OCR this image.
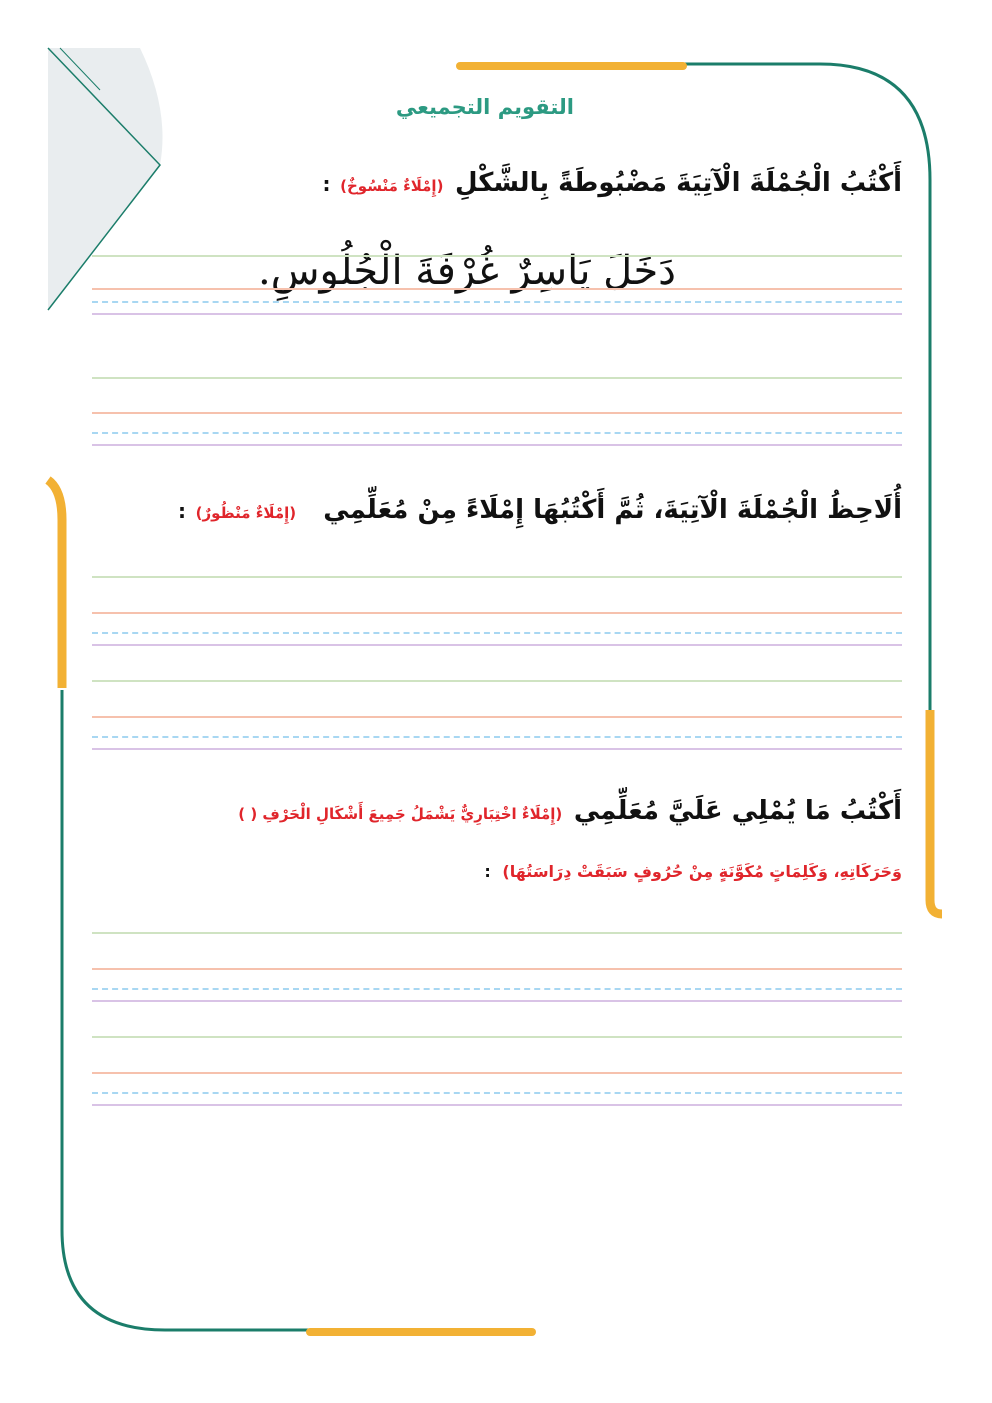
التقويم التجميعي
أَكْتُبُ الْجُمْلَةَ الْآتِيَةَ مَضْبُوطَةً بِالشَّكْلِ (إِمْلَاءٌ مَنْسُوخٌ) :
دَخَلَ يَاسِرٌ غُرْفَةَ الْجُلُوسِ.
أُلَاحِظُ الْجُمْلَةَ الْآتِيَةَ، ثُمَّ أَكْتُبُهَا إِمْلَاءً مِنْ مُعَلِّمِي  (إِمْلَاءٌ مَنْظُورٌ) :
أَكْتُبُ مَا يُمْلِي عَلَيَّ مُعَلِّمِي (إِمْلَاءٌ اخْتِبَارِيٌّ يَشْمَلُ جَمِيعَ أَشْكَالِ الْحَرْفِ ( )
وَحَرَكَاتِهِ، وَكَلِمَاتٍ مُكَوَّنَةٍ مِنْ حُرُوفٍ سَبَقَتْ دِرَاسَتُهَا) :
